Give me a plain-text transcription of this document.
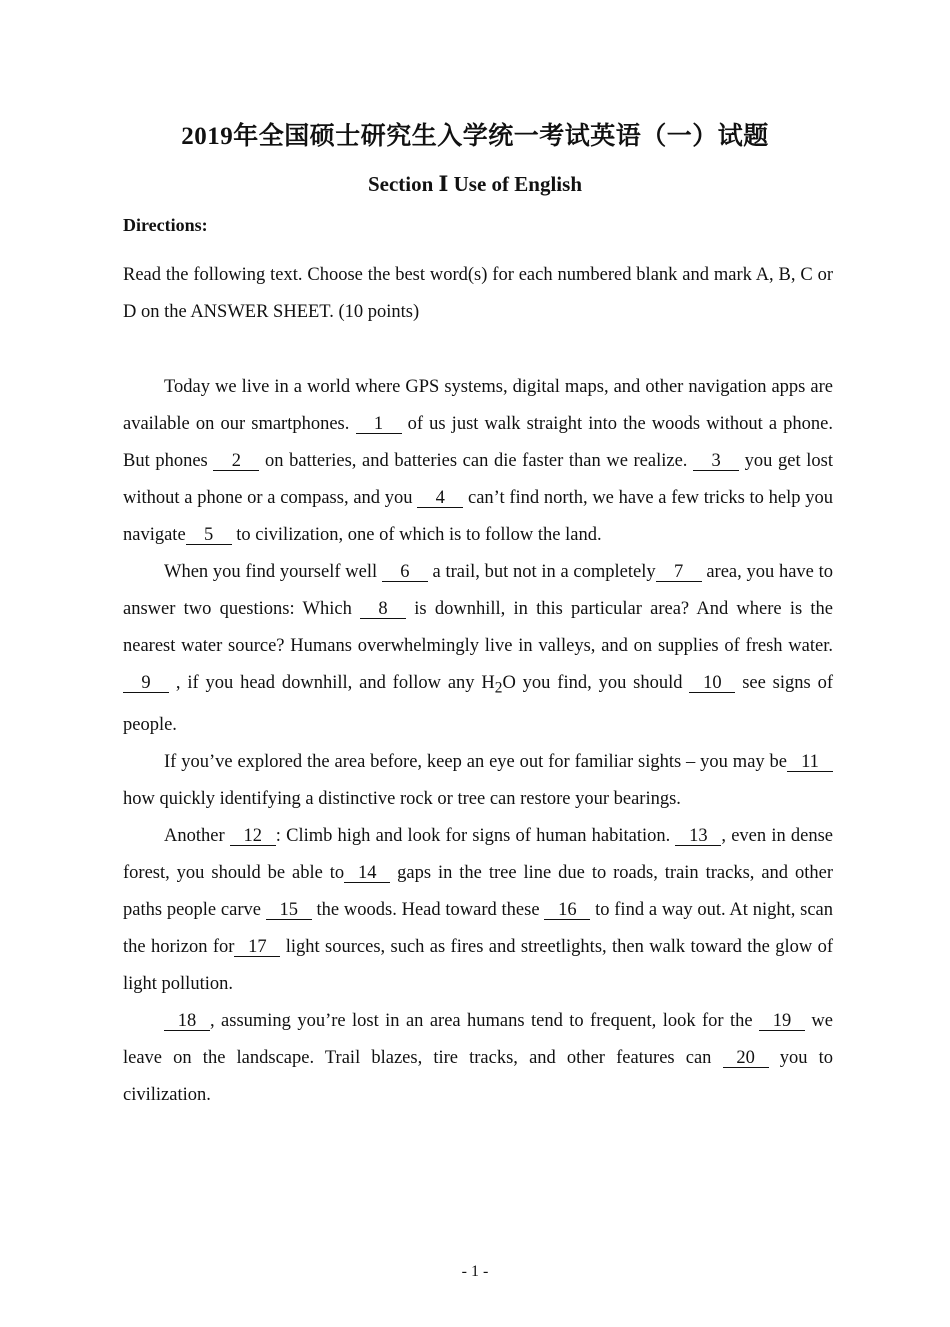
2019年全国硕士研究生入学统一考试英语（一）试题
Section Ⅰ Use of English
Directions:
Read the following text. Choose the best word(s) for each numbered blank and mark A, B, C or D on the ANSWER SHEET. (10 points)

Today we live in a world where GPS systems, digital maps, and other navigation apps are available on our smartphones. 1 of us just walk straight into the woods without a phone. But phones 2 on batteries, and batteries can die faster than we realize. 3 you get lost without a phone or a compass, and you 4 can’t find north, we have a few tricks to help you navigate 5 to civilization, one of which is to follow the land.

When you find yourself well 6 a trail, but not in a completely 7 area, you have to answer two questions: Which 8 is downhill, in this particular area? And where is the nearest water source? Humans overwhelmingly live in valleys, and on supplies of fresh water. 9 , if you head downhill, and follow any $H_2O$ you find, you should 10 see signs of people.

If you’ve explored the area before, keep an eye out for familiar sights – you may be 11 how quickly identifying a distinctive rock or tree can restore your bearings.

Another 12 : Climb high and look for signs of human habitation. 13 , even in dense forest, you should be able to 14 gaps in the tree line due to roads, train tracks, and other paths people carve 15 the woods. Head toward these 16 to find a way out. At night, scan the horizon for 17 light sources, such as fires and streetlights, then walk toward the glow of light pollution.

18 , assuming you’re lost in an area humans tend to frequent, look for the 19 we leave on the landscape. Trail blazes, tire tracks, and other features can 20 you to civilization.

- 1 -
